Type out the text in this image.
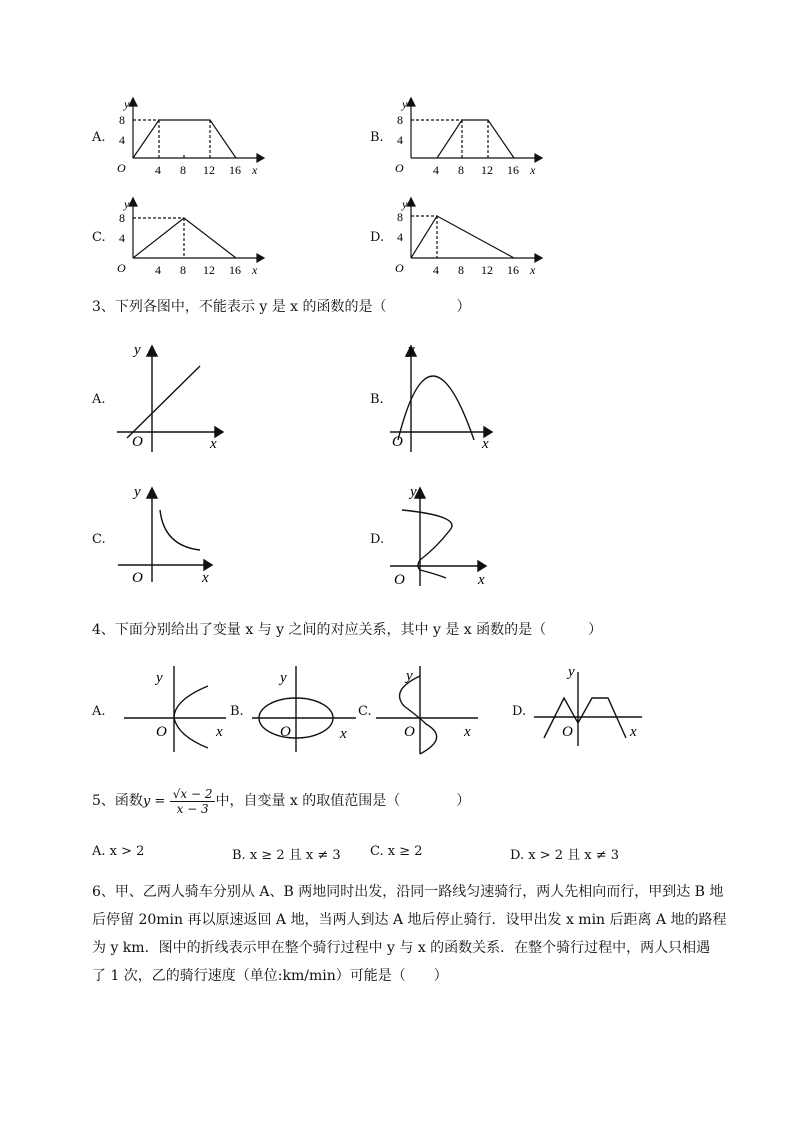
A.	B.
C.	D.
y
8
4
O 4 8 12 16 x
y
8
4
O 4 8 12 16 x
y
8
4
O 4 8 12 16 x
y
8
4
O 4 8 12 16 x
3、下列各图中，不能表示 y 是 x 的函数的是（　　　　　）
A.
y
O	x
B.
y
O	x
C.
y
O	x
D.
y
O	x
4、下面分别给出了变量 x 与 y 之间的对应关系，其中 y 是 x 函数的是（　　　）
A.
y
O	x
B.
y
O	x
C.
y
O	x
D.
y
O	x
5、函数$y = \frac{√x - 2}{x - 3}$ 中，自变量 x 的取值范围是（　　　　）
A. x > 2	B. x ≥ 2 且 x ≠ 3 C. x ≥ 2	D. x > 2 且 x ≠ 3
6、甲、乙两人骑车分别从 A、B 两地同时出发，沿同一路线匀速骑行，两人先相向而行，甲到达 B 地
后停留 20min 再以原速返回 A 地，当两人到达 A 地后停止骑行．设甲出发 x min 后距离 A 地的路程
为 y km．图中的折线表示甲在整个骑行过程中 y 与 x 的函数关系．在整个骑行过程中，两人只相遇
了 1 次，乙的骑行速度（单位:km/min）可能是（　　）
